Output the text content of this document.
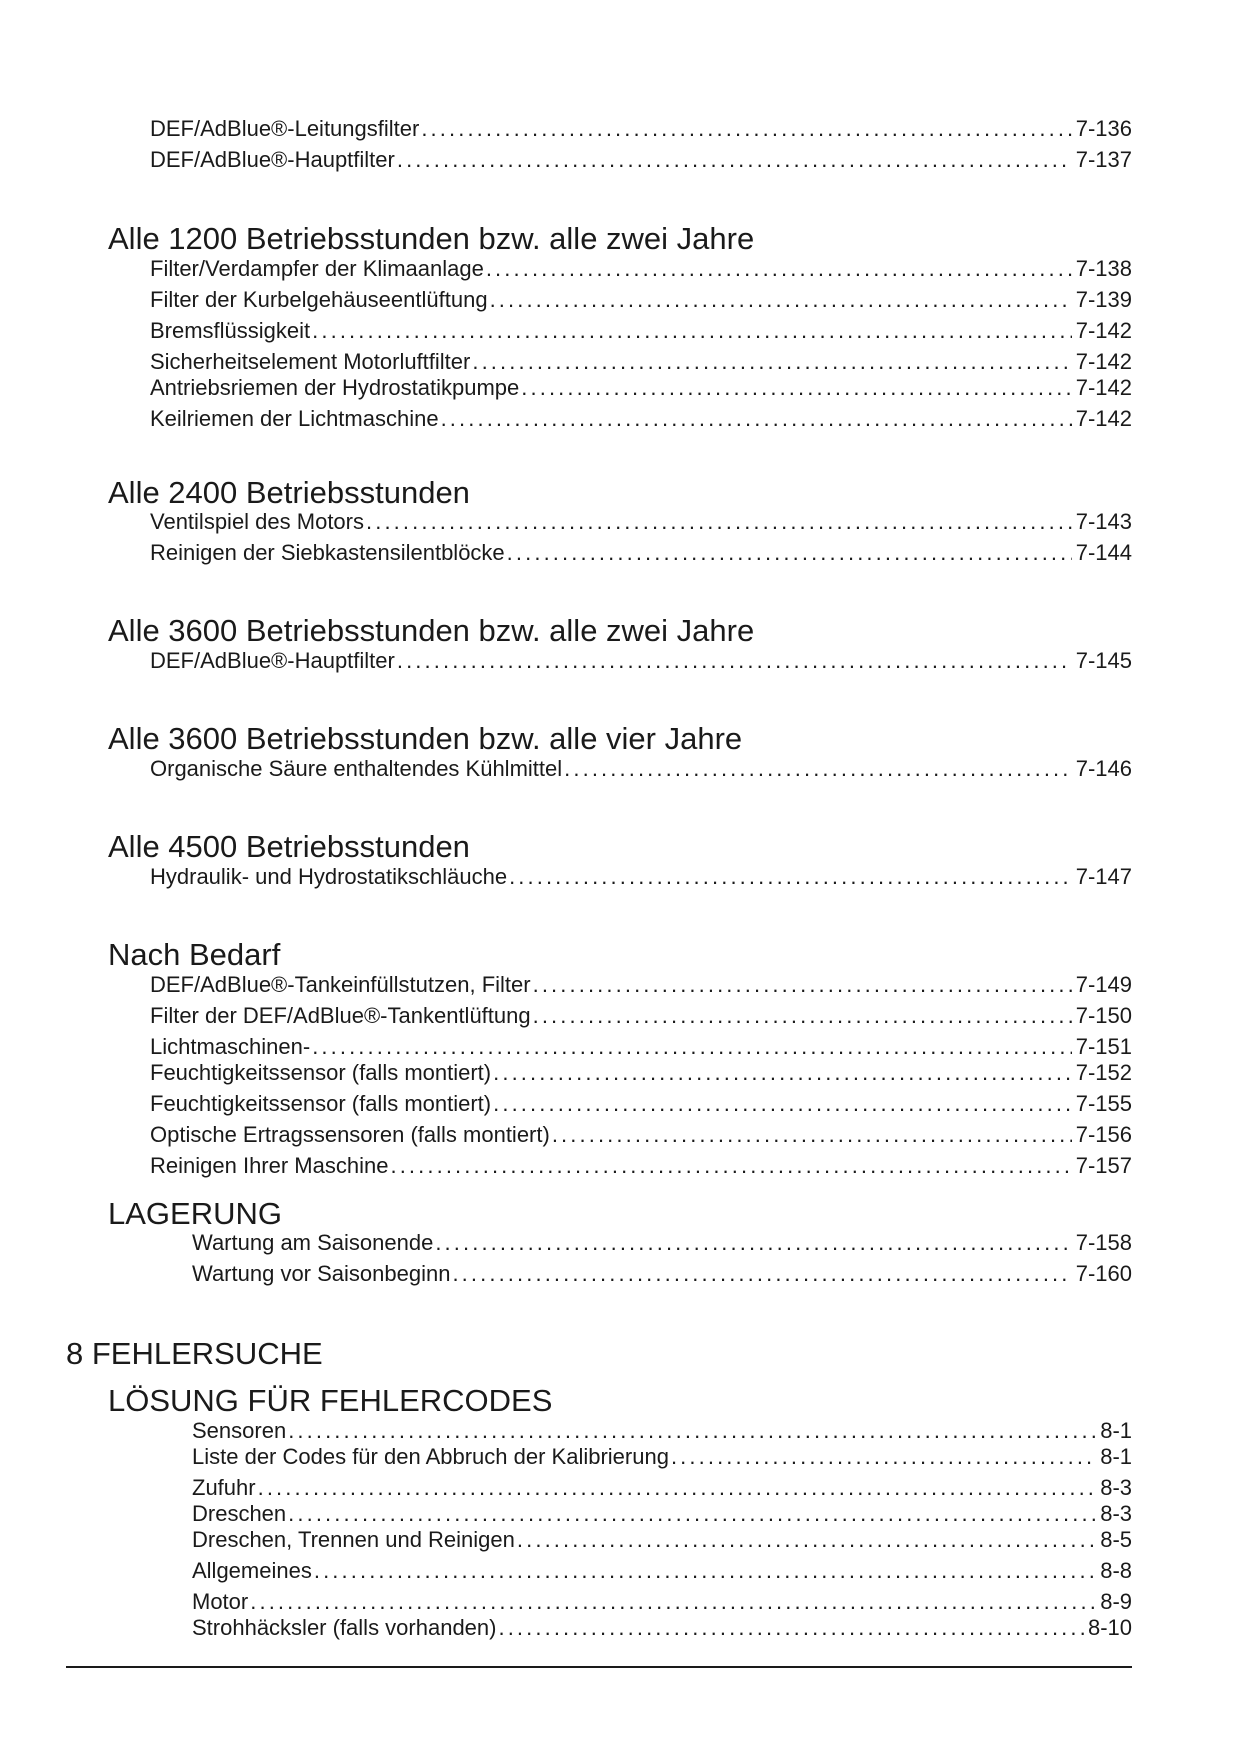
DEF/AdBlue®-Leitungsfilter . . .	7-136
DEF/AdBlue®-Hauptfilter . . .	7-137
Alle 1200 Betriebsstunden bzw. alle zwei Jahre
Filter/Verdampfer der Klimaanlage . . .	7-138
Filter der Kurbelgehäuseentlüftung . . .	7-139
Bremsflüssigkeit . . .	7-142
Sicherheitselement Motorluftfilter . . .	7-142
Antriebsriemen der Hydrostatikpumpe . . .	7-142
Keilriemen der Lichtmaschine . . .	7-142
Alle 2400 Betriebsstunden
Ventilspiel des Motors . . .	7-143
Reinigen der Siebkastensilentblöcke . . .	7-144
Alle 3600 Betriebsstunden bzw. alle zwei Jahre
DEF/AdBlue®-Hauptfilter . . .	7-145
Alle 3600 Betriebsstunden bzw. alle vier Jahre
Organische Säure enthaltendes Kühlmittel . . .	7-146
Alle 4500 Betriebsstunden
Hydraulik- und Hydrostatikschläuche . . .	7-147
Nach Bedarf
DEF/AdBlue®-Tankeinfüllstutzen, Filter . . .	7-149
Filter der DEF/AdBlue®-Tankentlüftung . . .	7-150
Lichtmaschinen- . . .	7-151
Feuchtigkeitssensor (falls montiert) . . .	7-152
Feuchtigkeitssensor (falls montiert) . . .	7-155
Optische Ertragssensoren (falls montiert) . . .	7-156
Reinigen Ihrer Maschine . . .	7-157
LAGERUNG
Wartung am Saisonende . . .	7-158
Wartung vor Saisonbeginn . . .	7-160
8 FEHLERSUCHE
LÖSUNG FÜR FEHLERCODES
Sensoren . . .	8-1
Liste der Codes für den Abbruch der Kalibrierung . . .	8-1
Zufuhr . . .	8-3
Dreschen . . .	8-3
Dreschen, Trennen und Reinigen . . .	8-5
Allgemeines . . .	8-8
Motor . . .	8-9
Strohhäcksler (falls vorhanden) . . .	8-10
